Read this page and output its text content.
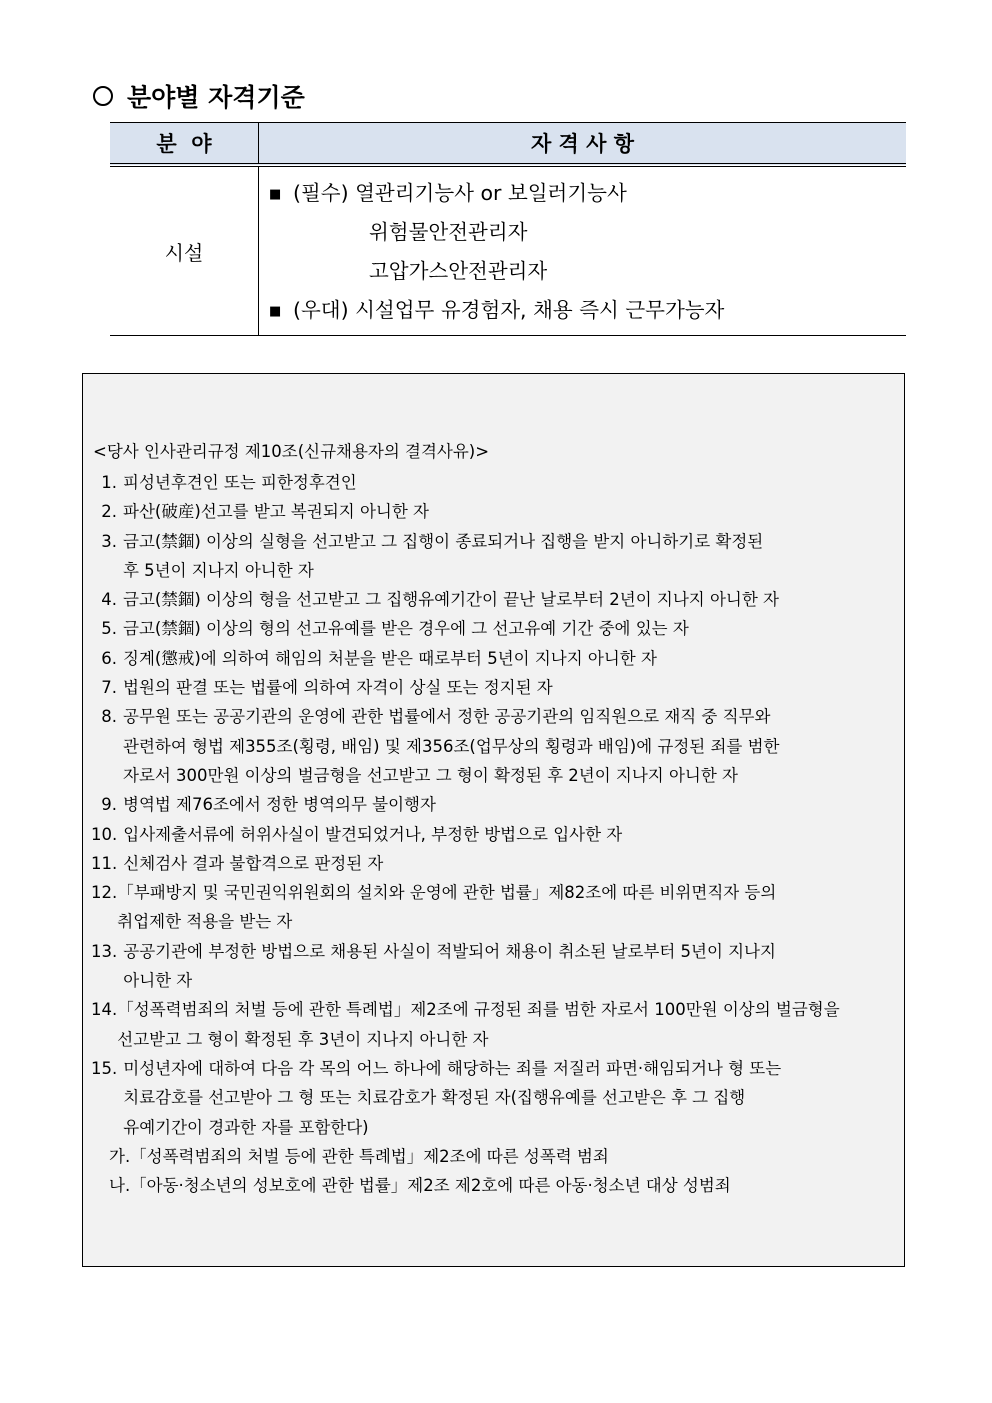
분야별 자격기준
분  야	자 격 사 항
시설	■ (필수) 열관리기능사 or 보일러기능사
위험물안전관리자
고압가스안전관리자
■ (우대) 시설업무 유경험자, 채용 즉시 근무가능자
<당사 인사관리규정 제10조(신규채용자의 결격사유)>
1. 피성년후견인 또는 피한정후견인
2. 파산(破産)선고를 받고 복권되지 아니한 자
3. 금고(禁錮) 이상의 실형을 선고받고 그 집행이 종료되거나 집행을 받지 아니하기로 확정된
후 5년이 지나지 아니한 자
4. 금고(禁錮) 이상의 형을 선고받고 그 집행유예기간이 끝난 날로부터 2년이 지나지 아니한 자
5. 금고(禁錮) 이상의 형의 선고유예를 받은 경우에 그 선고유예 기간 중에 있는 자
6. 징계(懲戒)에 의하여 해임의 처분을 받은 때로부터 5년이 지나지 아니한 자
7. 법원의 판결 또는 법률에 의하여 자격이 상실 또는 정지된 자
8. 공무원 또는 공공기관의 운영에 관한 법률에서 정한 공공기관의 임직원으로 재직 중 직무와
관련하여 형법 제355조(횡령, 배임) 및 제356조(업무상의 횡령과 배임)에 규정된 죄를 범한
자로서 300만원 이상의 벌금형을 선고받고 그 형이 확정된 후 2년이 지나지 아니한 자
9. 병역법 제76조에서 정한 병역의무 불이행자
10. 입사제출서류에 허위사실이 발견되었거나, 부정한 방법으로 입사한 자
11. 신체검사 결과 불합격으로 판정된 자
12. 「부패방지 및 국민권익위원회의 설치와 운영에 관한 법률」제82조에 따른 비위면직자 등의
취업제한 적용을 받는 자
13. 공공기관에 부정한 방법으로 채용된 사실이 적발되어 채용이 취소된 날로부터 5년이 지나지
아니한 자
14. 「성폭력범죄의 처벌 등에 관한 특례법」제2조에 규정된 죄를 범한 자로서 100만원 이상의 벌금형을
선고받고 그 형이 확정된 후 3년이 지나지 아니한 자
15. 미성년자에 대하여 다음 각 목의 어느 하나에 해당하는 죄를 저질러 파면·해임되거나 형 또는
치료감호를 선고받아 그 형 또는 치료감호가 확정된 자(집행유예를 선고받은 후 그 집행
유예기간이 경과한 자를 포함한다)
가.「성폭력범죄의 처벌 등에 관한 특례법」제2조에 따른 성폭력 범죄
나.「아동·청소년의 성보호에 관한 법률」제2조 제2호에 따른 아동·청소년 대상 성범죄
